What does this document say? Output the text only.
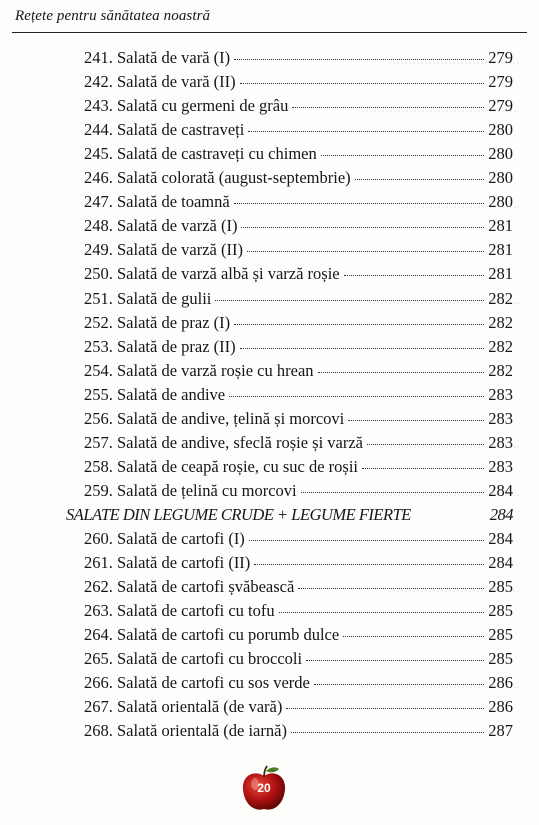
Rețete pentru sănătatea noastră
241. Salată de vară (I)	279
242. Salată de vară (II)	279
243. Salată cu germeni de grâu	279
244. Salată de castraveți	280
245. Salată de castraveți cu chimen	280
246. Salată colorată (august-septembrie)	280
247. Salată de toamnă	280
248. Salată de varză (I)	281
249. Salată de varză (II)	281
250. Salată de varză albă și varză roșie	281
251. Salată de gulii	282
252. Salată de praz (I)	282
253. Salată de praz (II)	282
254. Salată de varză roșie cu hrean	282
255. Salată de andive	283
256. Salată de andive, țelină și morcovi	283
257. Salată de andive, sfeclă roșie și varză	283
258. Salată de ceapă roșie, cu suc de roșii	283
259. Salată de țelină cu morcovi	284
SALATE DIN LEGUME CRUDE + LEGUME FIERTE	284
260. Salată de cartofi (I)	284
261. Salată de cartofi (II)	284
262. Salată de cartofi șvăbească	285
263. Salată de cartofi cu tofu	285
264. Salată de cartofi cu porumb dulce	285
265. Salată de cartofi cu broccoli	285
266. Salată de cartofi cu sos verde	286
267. Salată orientală (de vară)	286
268. Salată orientală (de iarnă)	287
20
